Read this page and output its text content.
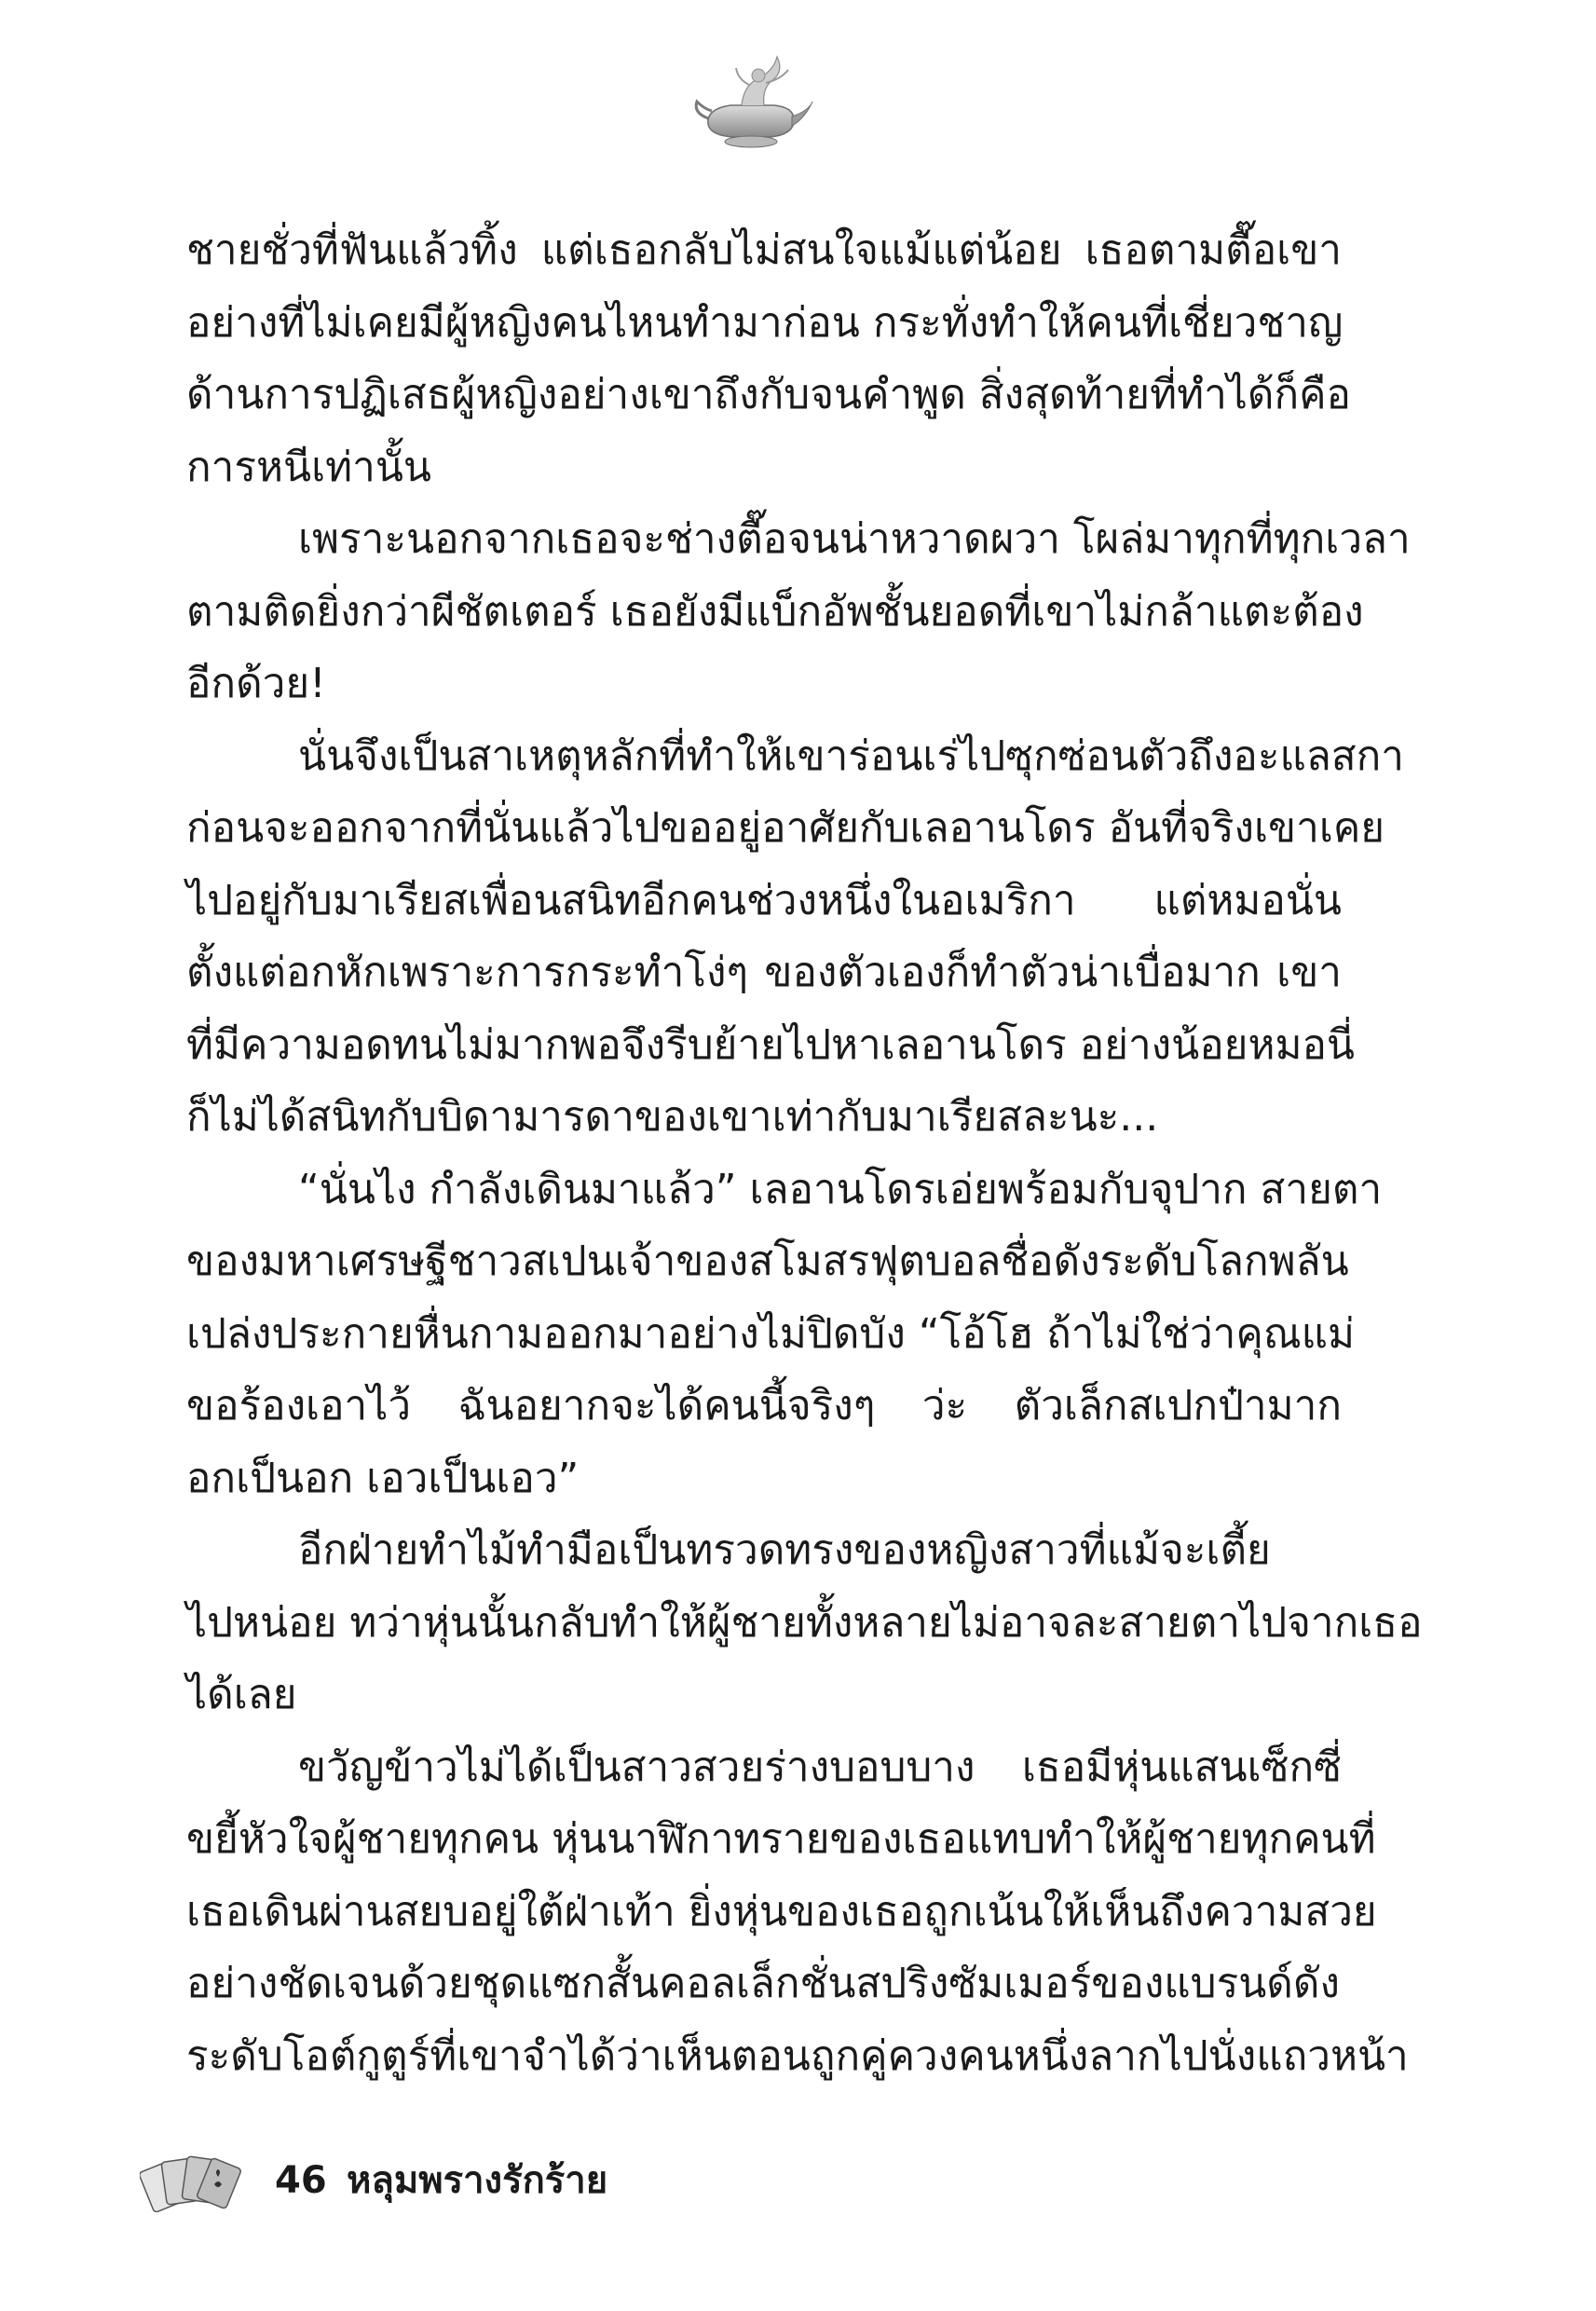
ชายชั่วที่ฟันแล้วทิ้ง แต่เธอกลับไม่สนใจแม้แต่น้อย เธอตามตื๊อเขา
อย่างที่ไม่เคยมีผู้หญิงคนไหนทำมาก่อน กระทั่งทำให้คนที่เชี่ยวชาญ
ด้านการปฏิเสธผู้หญิงอย่างเขาถึงกับจนคำพูด สิ่งสุดท้ายที่ทำได้ก็คือ
การหนีเท่านั้น
เพราะนอกจากเธอจะช่างตื๊อจนน่าหวาดผวา โผล่มาทุกที่ทุกเวลา
ตามติดยิ่งกว่าผีชัตเตอร์ เธอยังมีแบ็กอัพชั้นยอดที่เขาไม่กล้าแตะต้อง
อีกด้วย!
นั่นจึงเป็นสาเหตุหลักที่ทำให้เขาร่อนเร่ไปซุกซ่อนตัวถึงอะแลสกา
ก่อนจะออกจากที่นั่นแล้วไปขออยู่อาศัยกับเลอานโดร อันที่จริงเขาเคย
ไปอยู่กับมาเรียสเพื่อนสนิทอีกคนช่วงหนึ่งในอเมริกา แต่หมอนั่น
ตั้งแต่อกหักเพราะการกระทำโง่ๆ ของตัวเองก็ทำตัวน่าเบื่อมาก เขา
ที่มีความอดทนไม่มากพอจึงรีบย้ายไปหาเลอานโดร อย่างน้อยหมอนี่
ก็ไม่ได้สนิทกับบิดามารดาของเขาเท่ากับมาเรียสละนะ...
“นั่นไง กำลังเดินมาแล้ว” เลอานโดรเอ่ยพร้อมกับจุปาก สายตา
ของมหาเศรษฐีชาวสเปนเจ้าของสโมสรฟุตบอลชื่อดังระดับโลกพลัน
เปล่งประกายหื่นกามออกมาอย่างไม่ปิดบัง “โอ้โฮ ถ้าไม่ใช่ว่าคุณแม่
ขอร้องเอาไว้ ฉันอยากจะได้คนนี้จริงๆ ว่ะ ตัวเล็กสเปกป๋ามาก
อกเป็นอก เอวเป็นเอว”
อีกฝ่ายทำไม้ทำมือเป็นทรวดทรงของหญิงสาวที่แม้จะเตี้ย
ไปหน่อย ทว่าหุ่นนั้นกลับทำให้ผู้ชายทั้งหลายไม่อาจละสายตาไปจากเธอ
ได้เลย
ขวัญข้าวไม่ได้เป็นสาวสวยร่างบอบบาง เธอมีหุ่นแสนเซ็กซี่
ขยี้หัวใจผู้ชายทุกคน หุ่นนาฬิกาทรายของเธอแทบทำให้ผู้ชายทุกคนที่
เธอเดินผ่านสยบอยู่ใต้ฝ่าเท้า ยิ่งหุ่นของเธอถูกเน้นให้เห็นถึงความสวย
อย่างชัดเจนด้วยชุดแซกสั้นคอลเล็กชั่นสปริงซัมเมอร์ของแบรนด์ดัง
ระดับโอต์กูตูร์ที่เขาจำได้ว่าเห็นตอนถูกคู่ควงคนหนึ่งลากไปนั่งแถวหน้า
46 หลุมพรางรักร้าย
